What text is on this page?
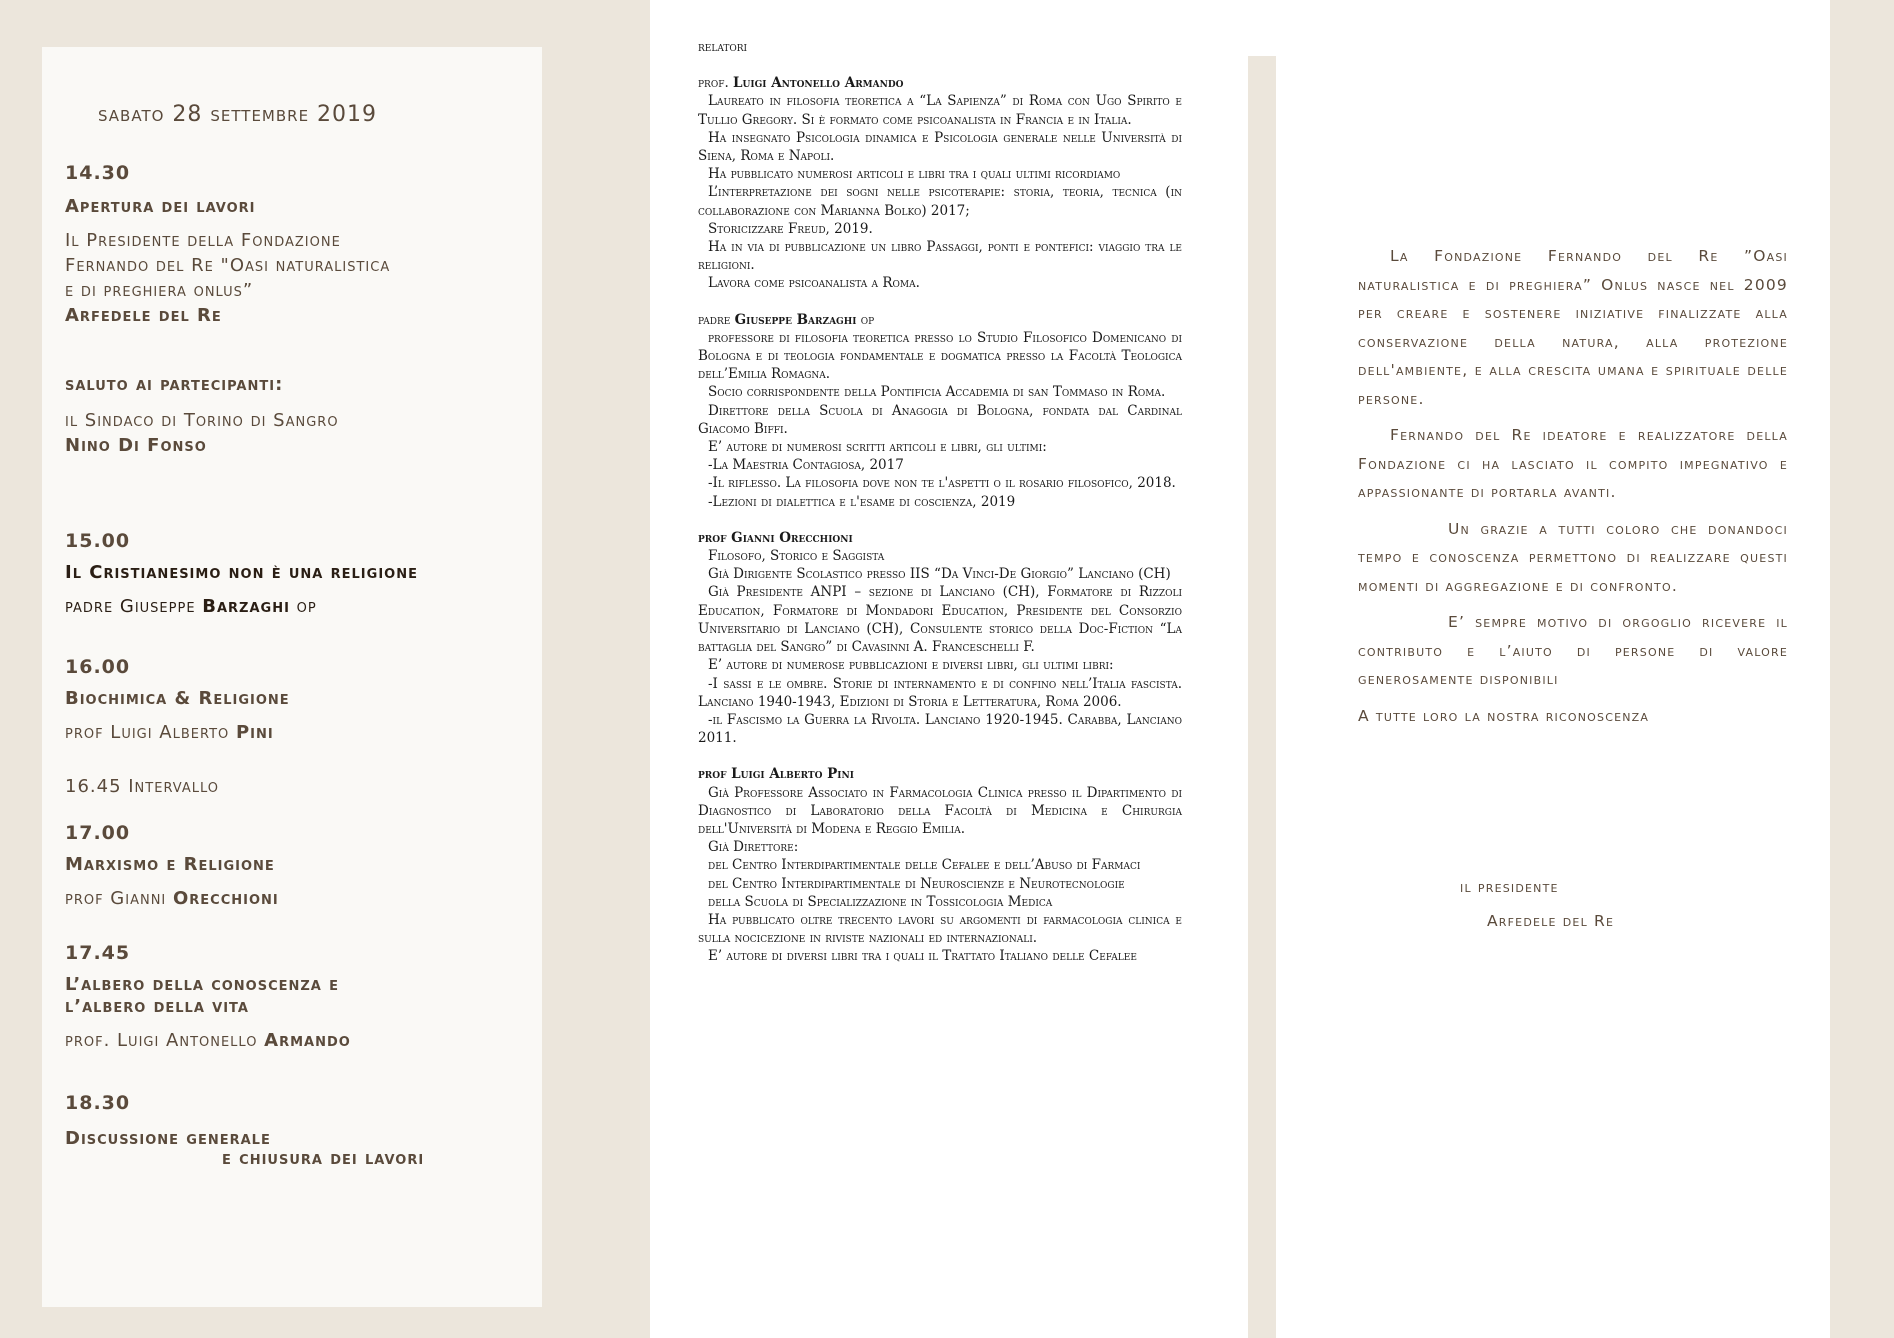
sabato 28 settembre 2019
14.30
Apertura dei lavori
Il Presidente della Fondazione
Fernando del Re "Oasi naturalistica
e di preghiera onlus”
Arfedele del Re
saluto ai partecipanti:
il Sindaco di Torino di Sangro
Nino Di Fonso
15.00
Il Cristianesimo non è una religione
padre Giuseppe Barzaghi op
16.00
Biochimica & Religione
prof Luigi Alberto Pini
16.45 Intervallo
17.00
Marxismo e Religione
prof Gianni Orecchioni
17.45
L’albero della conoscenza e
l’albero della vita
prof. Luigi Antonello Armando
18.30
Discussione generale
e chiusura dei lavori

relatori

prof. Luigi Antonello Armando

Laureato in filosofia teoretica a “La Sapienza” di Roma con Ugo Spirito e Tullio Gregory. Si è formato come psicoanalista in Francia e in Italia.

Ha insegnato Psicologia dinamica e Psicologia generale nelle Università di Siena, Roma e Napoli.

Ha pubblicato numerosi articoli e libri tra i quali ultimi ricordiamo

L’interpretazione dei sogni nelle psicoterapie: storia, teoria, tecnica (in collaborazione con Marianna Bolko) 2017;

Storicizzare Freud, 2019.

Ha in via di pubblicazione un libro Passaggi, ponti e pontefici: viaggio tra le religioni.

Lavora come psicoanalista a Roma.

padre Giuseppe Barzaghi op

professore di filosofia teoretica presso lo Studio Filosofico Domenicano di Bologna e di teologia fondamentale e dogmatica presso la Facoltà Teologica dell’Emilia Romagna.

Socio corrispondente della Pontificia Accademia di san Tommaso in Roma.

Direttore della Scuola di Anagogia di Bologna, fondata dal Cardinal Giacomo Biffi.

E’ autore di numerosi scritti articoli e libri, gli ultimi:

-La Maestria Contagiosa, 2017

-Il riflesso. La filosofia dove non te l'aspetti o il rosario filosofico, 2018.

-Lezioni di dialettica e l'esame di coscienza, 2019

prof Gianni Orecchioni

Filosofo, Storico e Saggista

Già Dirigente Scolastico presso IIS “Da Vinci-De Giorgio” Lanciano (CH)

Già Presidente ANPI – sezione di Lanciano (CH), Formatore di Rizzoli Education, Formatore di Mondadori Education, Presidente del Consorzio Universitario di Lanciano (CH), Consulente storico della Doc-Fiction “La battaglia del Sangro” di Cavasinni A. Franceschelli F.

E’ autore di numerose pubblicazioni e diversi libri, gli ultimi libri:

-I sassi e le ombre. Storie di internamento e di confino nell’Italia fascista. Lanciano 1940-1943, Edizioni di Storia e Letteratura, Roma 2006.

-il Fascismo la Guerra la Rivolta. Lanciano 1920-1945. Carabba, Lanciano 2011.

prof Luigi Alberto Pini

Già Professore Associato in Farmacologia Clinica presso il Dipartimento di Diagnostico di Laboratorio della Facoltà di Medicina e Chirurgia dell'Università di Modena e Reggio Emilia.

Già Direttore:

del Centro Interdipartimentale delle Cefalee e dell’Abuso di Farmaci

del Centro Interdipartimentale di Neuroscienze e Neurotecnologie

della Scuola di Specializzazione in Tossicologia Medica

Ha pubblicato oltre trecento lavori su argomenti di farmacologia clinica e sulla nocicezione in riviste nazionali ed internazionali.

E’ autore di diversi libri tra i quali il Trattato Italiano delle Cefalee

La Fondazione Fernando del Re ”Oasi naturalistica e di preghiera” Onlus nasce nel 2009 per creare e sostenere iniziative finalizzate alla conservazione della natura, alla protezione dell'ambiente, e alla crescita umana e spirituale delle persone.

Fernando del Re ideatore e realizzatore della Fondazione ci ha lasciato il compito impegnativo e appassionante di portarla avanti.

Un grazie a tutti coloro che donandoci tempo e conoscenza permettono di realizzare questi momenti di aggregazione e di confronto.

E’ sempre motivo di orgoglio ricevere il contributo e l’aiuto di persone di valore generosamente disponibili

A tutte loro la nostra riconoscenza

il presidente
Arfedele del Re
